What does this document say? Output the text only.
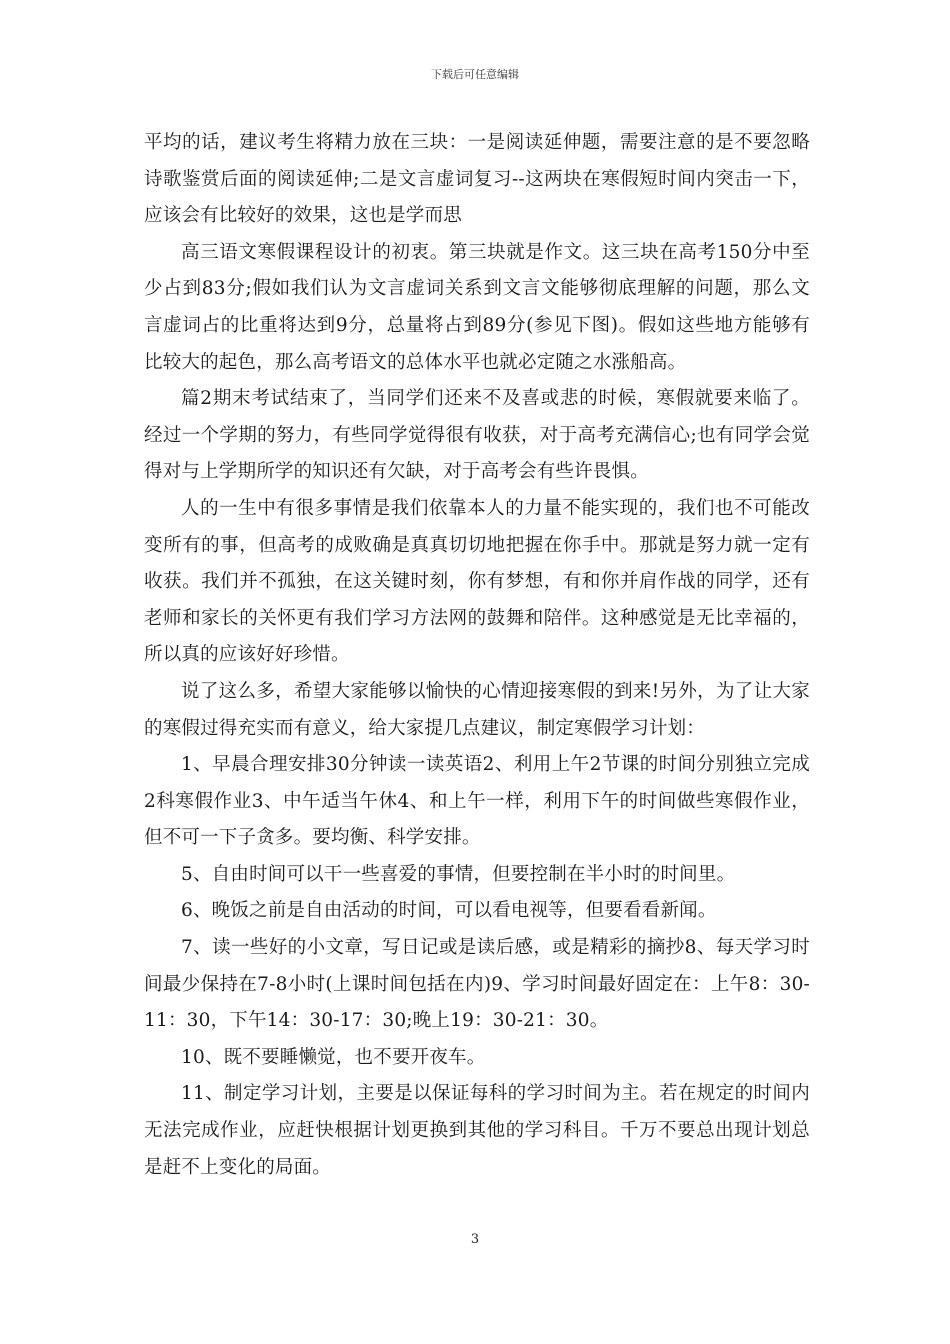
下载后可任意编辑

平均的话，建议考生将精力放在三块：一是阅读延伸题，需要注意的是不要忽略诗歌鉴赏后面的阅读延伸;二是文言虚词复习--这两块在寒假短时间内突击一下，应该会有比较好的效果，这也是学而思

高三语文寒假课程设计的初衷。第三块就是作文。这三块在高考150分中至少占到83分;假如我们认为文言虚词关系到文言文能够彻底理解的问题，那么文言虚词占的比重将达到9分，总量将占到89分(参见下图)。假如这些地方能够有比较大的起色，那么高考语文的总体水平也就必定随之水涨船高。

篇2期末考试结束了，当同学们还来不及喜或悲的时候，寒假就要来临了。经过一个学期的努力，有些同学觉得很有收获，对于高考充满信心;也有同学会觉得对与上学期所学的知识还有欠缺，对于高考会有些许畏惧。

人的一生中有很多事情是我们依靠本人的力量不能实现的，我们也不可能改变所有的事，但高考的成败确是真真切切地把握在你手中。那就是努力就一定有收获。我们并不孤独，在这关键时刻，你有梦想，有和你并肩作战的同学，还有老师和家长的关怀更有我们学习方法网的鼓舞和陪伴。这种感觉是无比幸福的，所以真的应该好好珍惜。

说了这么多，希望大家能够以愉快的心情迎接寒假的到来!另外，为了让大家的寒假过得充实而有意义，给大家提几点建议，制定寒假学习计划：

1、早晨合理安排30分钟读一读英语2、利用上午2节课的时间分别独立完成2科寒假作业3、中午适当午休4、和上午一样，利用下午的时间做些寒假作业，但不可一下子贪多。要均衡、科学安排。

5、自由时间可以干一些喜爱的事情，但要控制在半小时的时间里。

6、晚饭之前是自由活动的时间，可以看电视等，但要看看新闻。

7、读一些好的小文章，写日记或是读后感，或是精彩的摘抄8、每天学习时间最少保持在7-8小时(上课时间包括在内)9、学习时间最好固定在：上午8：30-11：30，下午14：30-17：30;晚上19：30-21：30。

10、既不要睡懒觉，也不要开夜车。

11、制定学习计划，主要是以保证每科的学习时间为主。若在规定的时间内无法完成作业，应赶快根据计划更换到其他的学习科目。千万不要总出现计划总是赶不上变化的局面。

3
